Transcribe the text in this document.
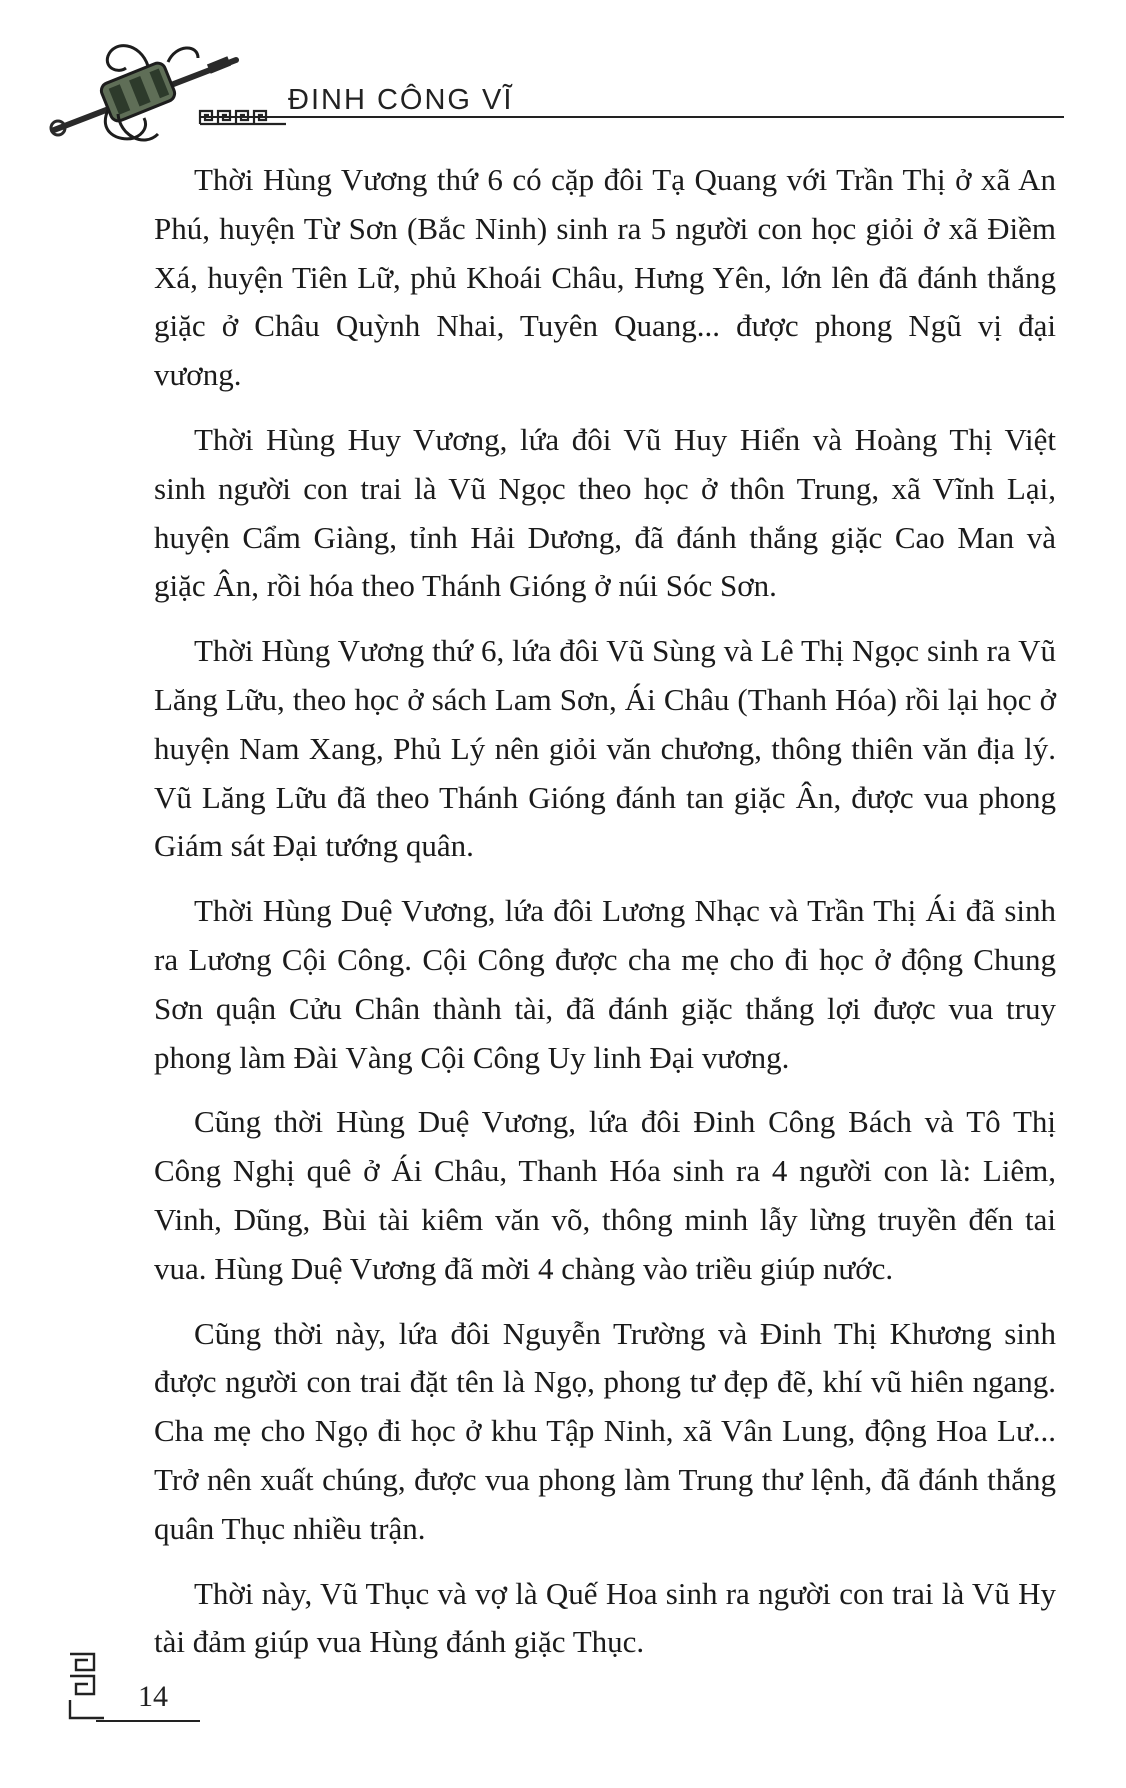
ĐINH CÔNG VĨ

Thời Hùng Vương thứ 6 có cặp đôi Tạ Quang với Trần Thị ở xã An Phú, huyện Từ Sơn (Bắc Ninh) sinh ra 5 người con học giỏi ở xã Điềm Xá, huyện Tiên Lữ, phủ Khoái Châu, Hưng Yên, lớn lên đã đánh thắng giặc ở Châu Quỳnh Nhai, Tuyên Quang... được phong Ngũ vị đại vương.

Thời Hùng Huy Vương, lứa đôi Vũ Huy Hiển và Hoàng Thị Việt sinh người con trai là Vũ Ngọc theo học ở thôn Trung, xã Vĩnh Lại, huyện Cẩm Giàng, tỉnh Hải Dương, đã đánh thắng giặc Cao Man và giặc Ân, rồi hóa theo Thánh Gióng ở núi Sóc Sơn.

Thời Hùng Vương thứ 6, lứa đôi Vũ Sùng và Lê Thị Ngọc sinh ra Vũ Lăng Lữu, theo học ở sách Lam Sơn, Ái Châu (Thanh Hóa) rồi lại học ở huyện Nam Xang, Phủ Lý nên giỏi văn chương, thông thiên văn địa lý. Vũ Lăng Lữu đã theo Thánh Gióng đánh tan giặc Ân, được vua phong Giám sát Đại tướng quân.

Thời Hùng Duệ Vương, lứa đôi Lương Nhạc và Trần Thị Ái đã sinh ra Lương Cội Công. Cội Công được cha mẹ cho đi học ở động Chung Sơn quận Cửu Chân thành tài, đã đánh giặc thắng lợi được vua truy phong làm Đài Vàng Cội Công Uy linh Đại vương.

Cũng thời Hùng Duệ Vương, lứa đôi Đinh Công Bách và Tô Thị Công Nghị quê ở Ái Châu, Thanh Hóa sinh ra 4 người con là: Liêm, Vinh, Dũng, Bùi tài kiêm văn võ, thông minh lẫy lừng truyền đến tai vua. Hùng Duệ Vương đã mời 4 chàng vào triều giúp nước.

Cũng thời này, lứa đôi Nguyễn Trường và Đinh Thị Khương sinh được người con trai đặt tên là Ngọ, phong tư đẹp đẽ, khí vũ hiên ngang. Cha mẹ cho Ngọ đi học ở khu Tập Ninh, xã Vân Lung, động Hoa Lư... Trở nên xuất chúng, được vua phong làm Trung thư lệnh, đã đánh thắng quân Thục nhiều trận.

Thời này, Vũ Thục và vợ là Quế Hoa sinh ra người con trai là Vũ Hy tài đảm giúp vua Hùng đánh giặc Thục.

14
